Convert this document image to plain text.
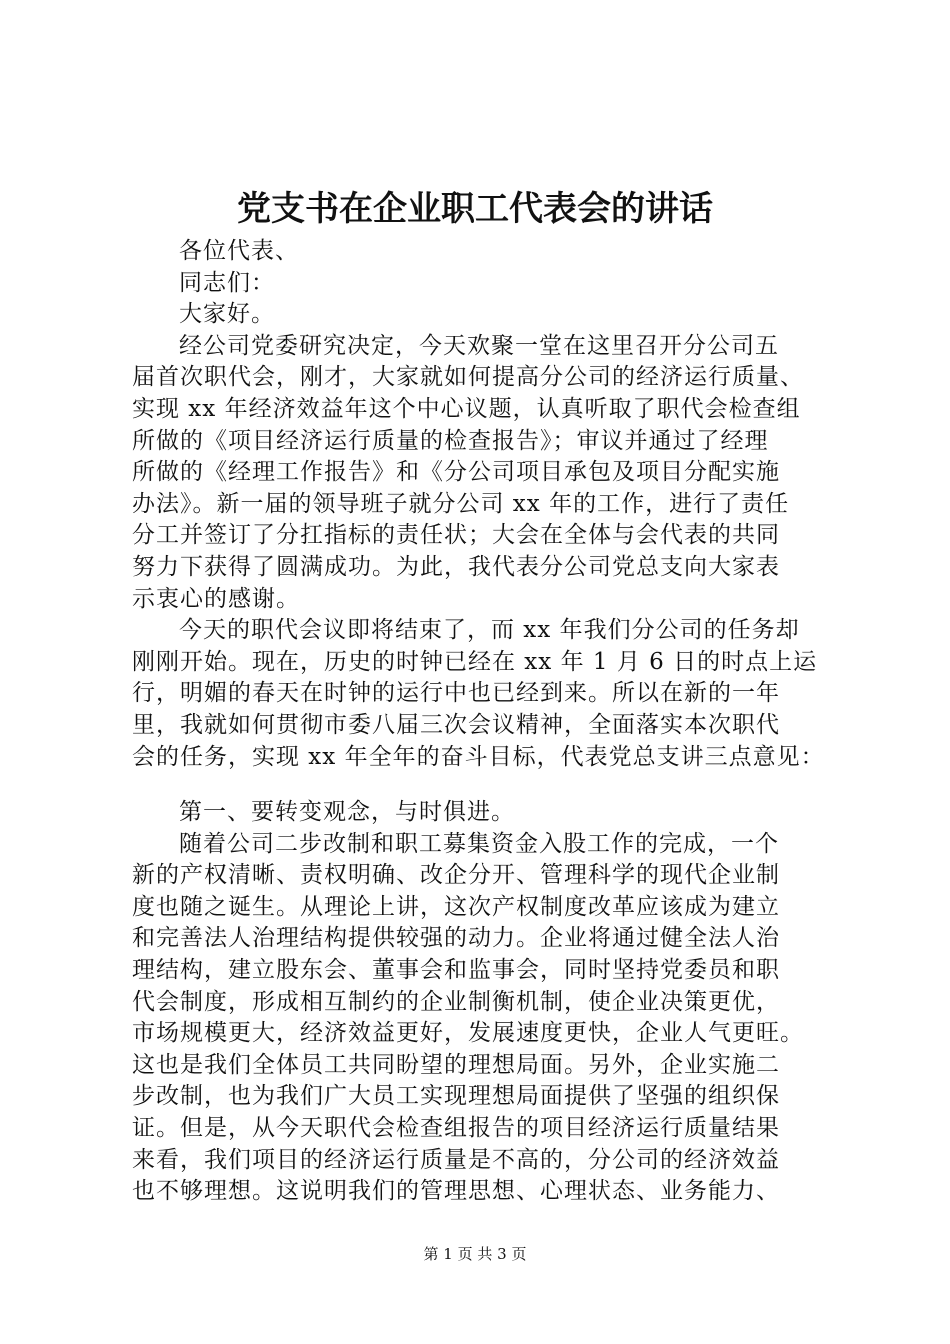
党支书在企业职工代表会的讲话
各位代表、
同志们：
大家好。
经公司党委研究决定，今天欢聚一堂在这里召开分公司五
届首次职代会，刚才，大家就如何提高分公司的经济运行质量、
实现 xx 年经济效益年这个中心议题，认真听取了职代会检查组
所做的《项目经济运行质量的检查报告》；审议并通过了经理
所做的《经理工作报告》和《分公司项目承包及项目分配实施
办法》。新一届的领导班子就分公司 xx 年的工作，进行了责任
分工并签订了分扛指标的责任状；大会在全体与会代表的共同
努力下获得了圆满成功。为此，我代表分公司党总支向大家表
示衷心的感谢。
今天的职代会议即将结束了，而 xx 年我们分公司的任务却
刚刚开始。现在，历史的时钟已经在 xx 年 1 月 6 日的时点上运
行，明媚的春天在时钟的运行中也已经到来。所以在新的一年
里，我就如何贯彻市委八届三次会议精神，全面落实本次职代
会的任务，实现 xx 年全年的奋斗目标，代表党总支讲三点意见：
第一、要转变观念，与时俱进。
随着公司二步改制和职工募集资金入股工作的完成，一个
新的产权清晰、责权明确、改企分开、管理科学的现代企业制
度也随之诞生。从理论上讲，这次产权制度改革应该成为建立
和完善法人治理结构提供较强的动力。企业将通过健全法人治
理结构，建立股东会、董事会和监事会，同时坚持党委员和职
代会制度，形成相互制约的企业制衡机制，使企业决策更优，
市场规模更大，经济效益更好，发展速度更快，企业人气更旺。
这也是我们全体员工共同盼望的理想局面。另外，企业实施二
步改制，也为我们广大员工实现理想局面提供了坚强的组织保
证。但是，从今天职代会检查组报告的项目经济运行质量结果
来看，我们项目的经济运行质量是不高的，分公司的经济效益
也不够理想。这说明我们的管理思想、心理状态、业务能力、
第 1 页 共 3 页
